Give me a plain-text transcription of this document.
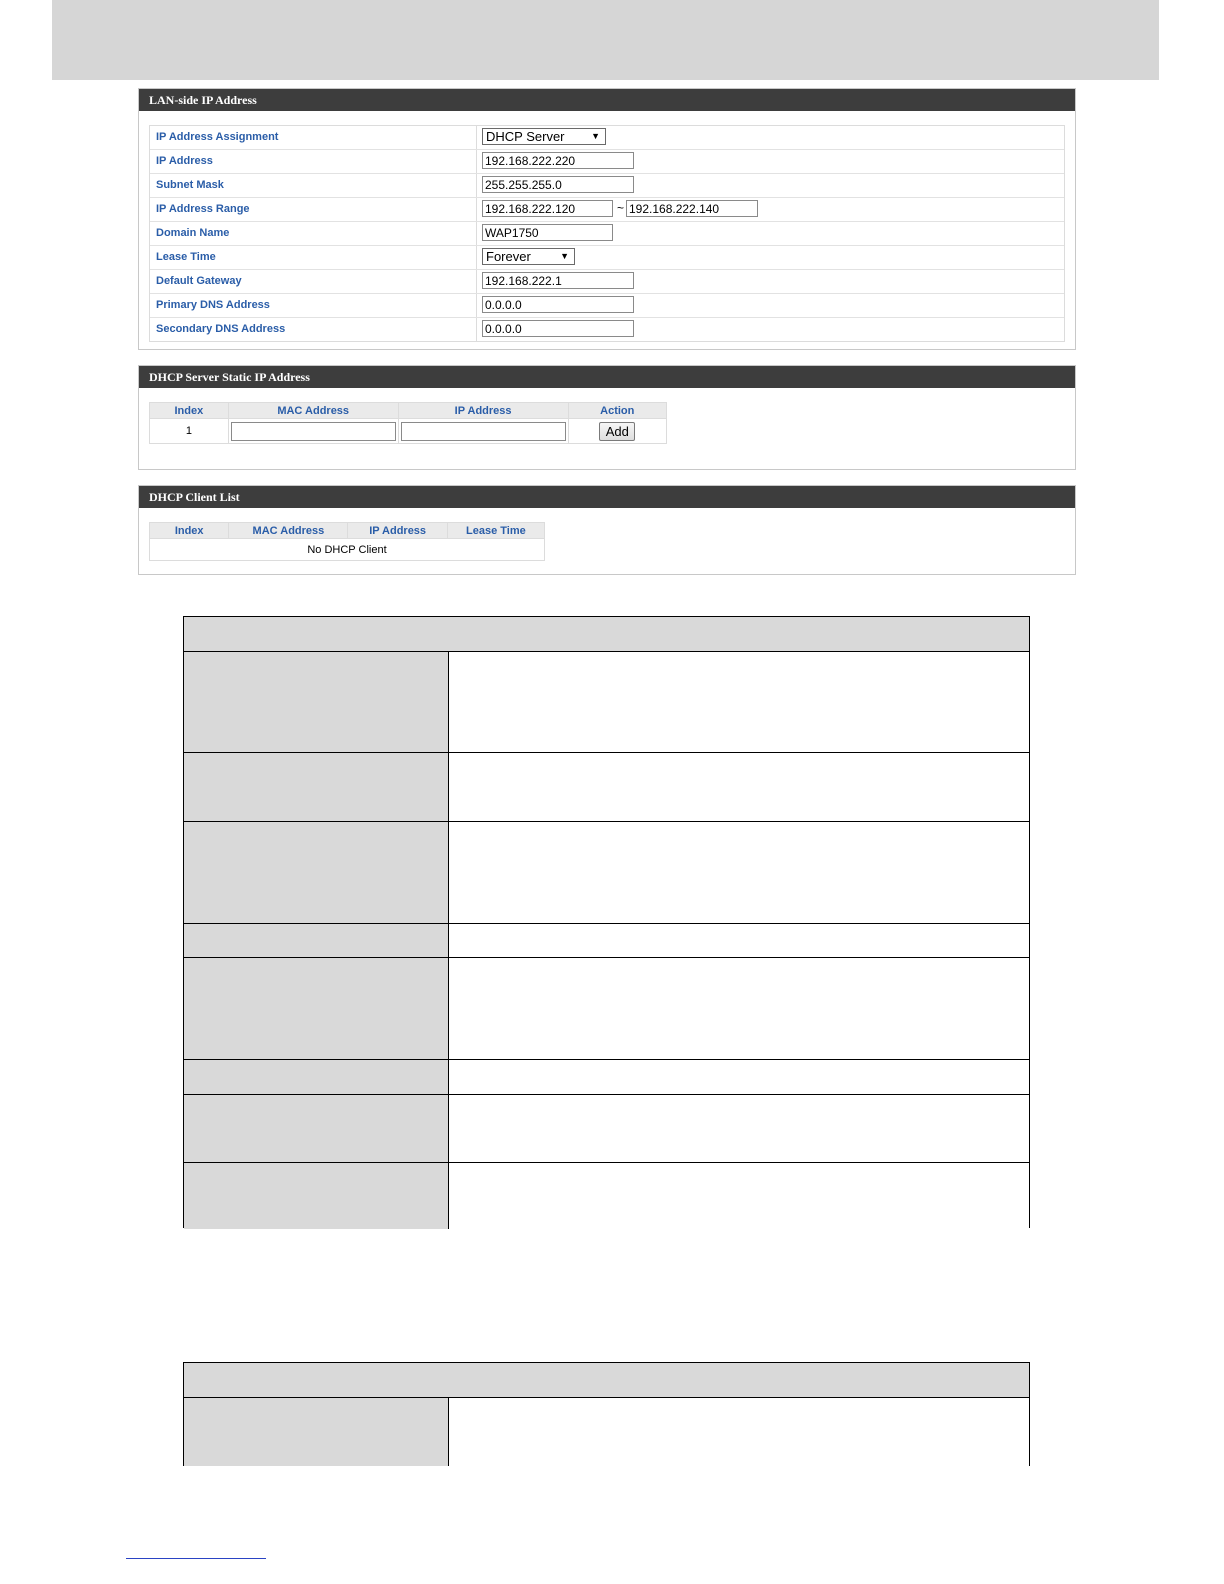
LAN-side IP Address
IP Address Assignment	DHCP Server	▼
IP Address	192.168.222.220
Subnet Mask	255.255.255.0
IP Address Range	192.168.222.120	~ 192.168.222.140
Domain Name	WAP1750
Lease Time	Forever	▼
Default Gateway	192.168.222.1
Primary DNS Address	0.0.0.0
Secondary DNS Address	0.0.0.0
DHCP Server Static IP Address
Index	MAC Address	IP Address	Action
1			Add
DHCP Client List
Index	MAC Address	IP Address	Lease Time
No DHCP Client
